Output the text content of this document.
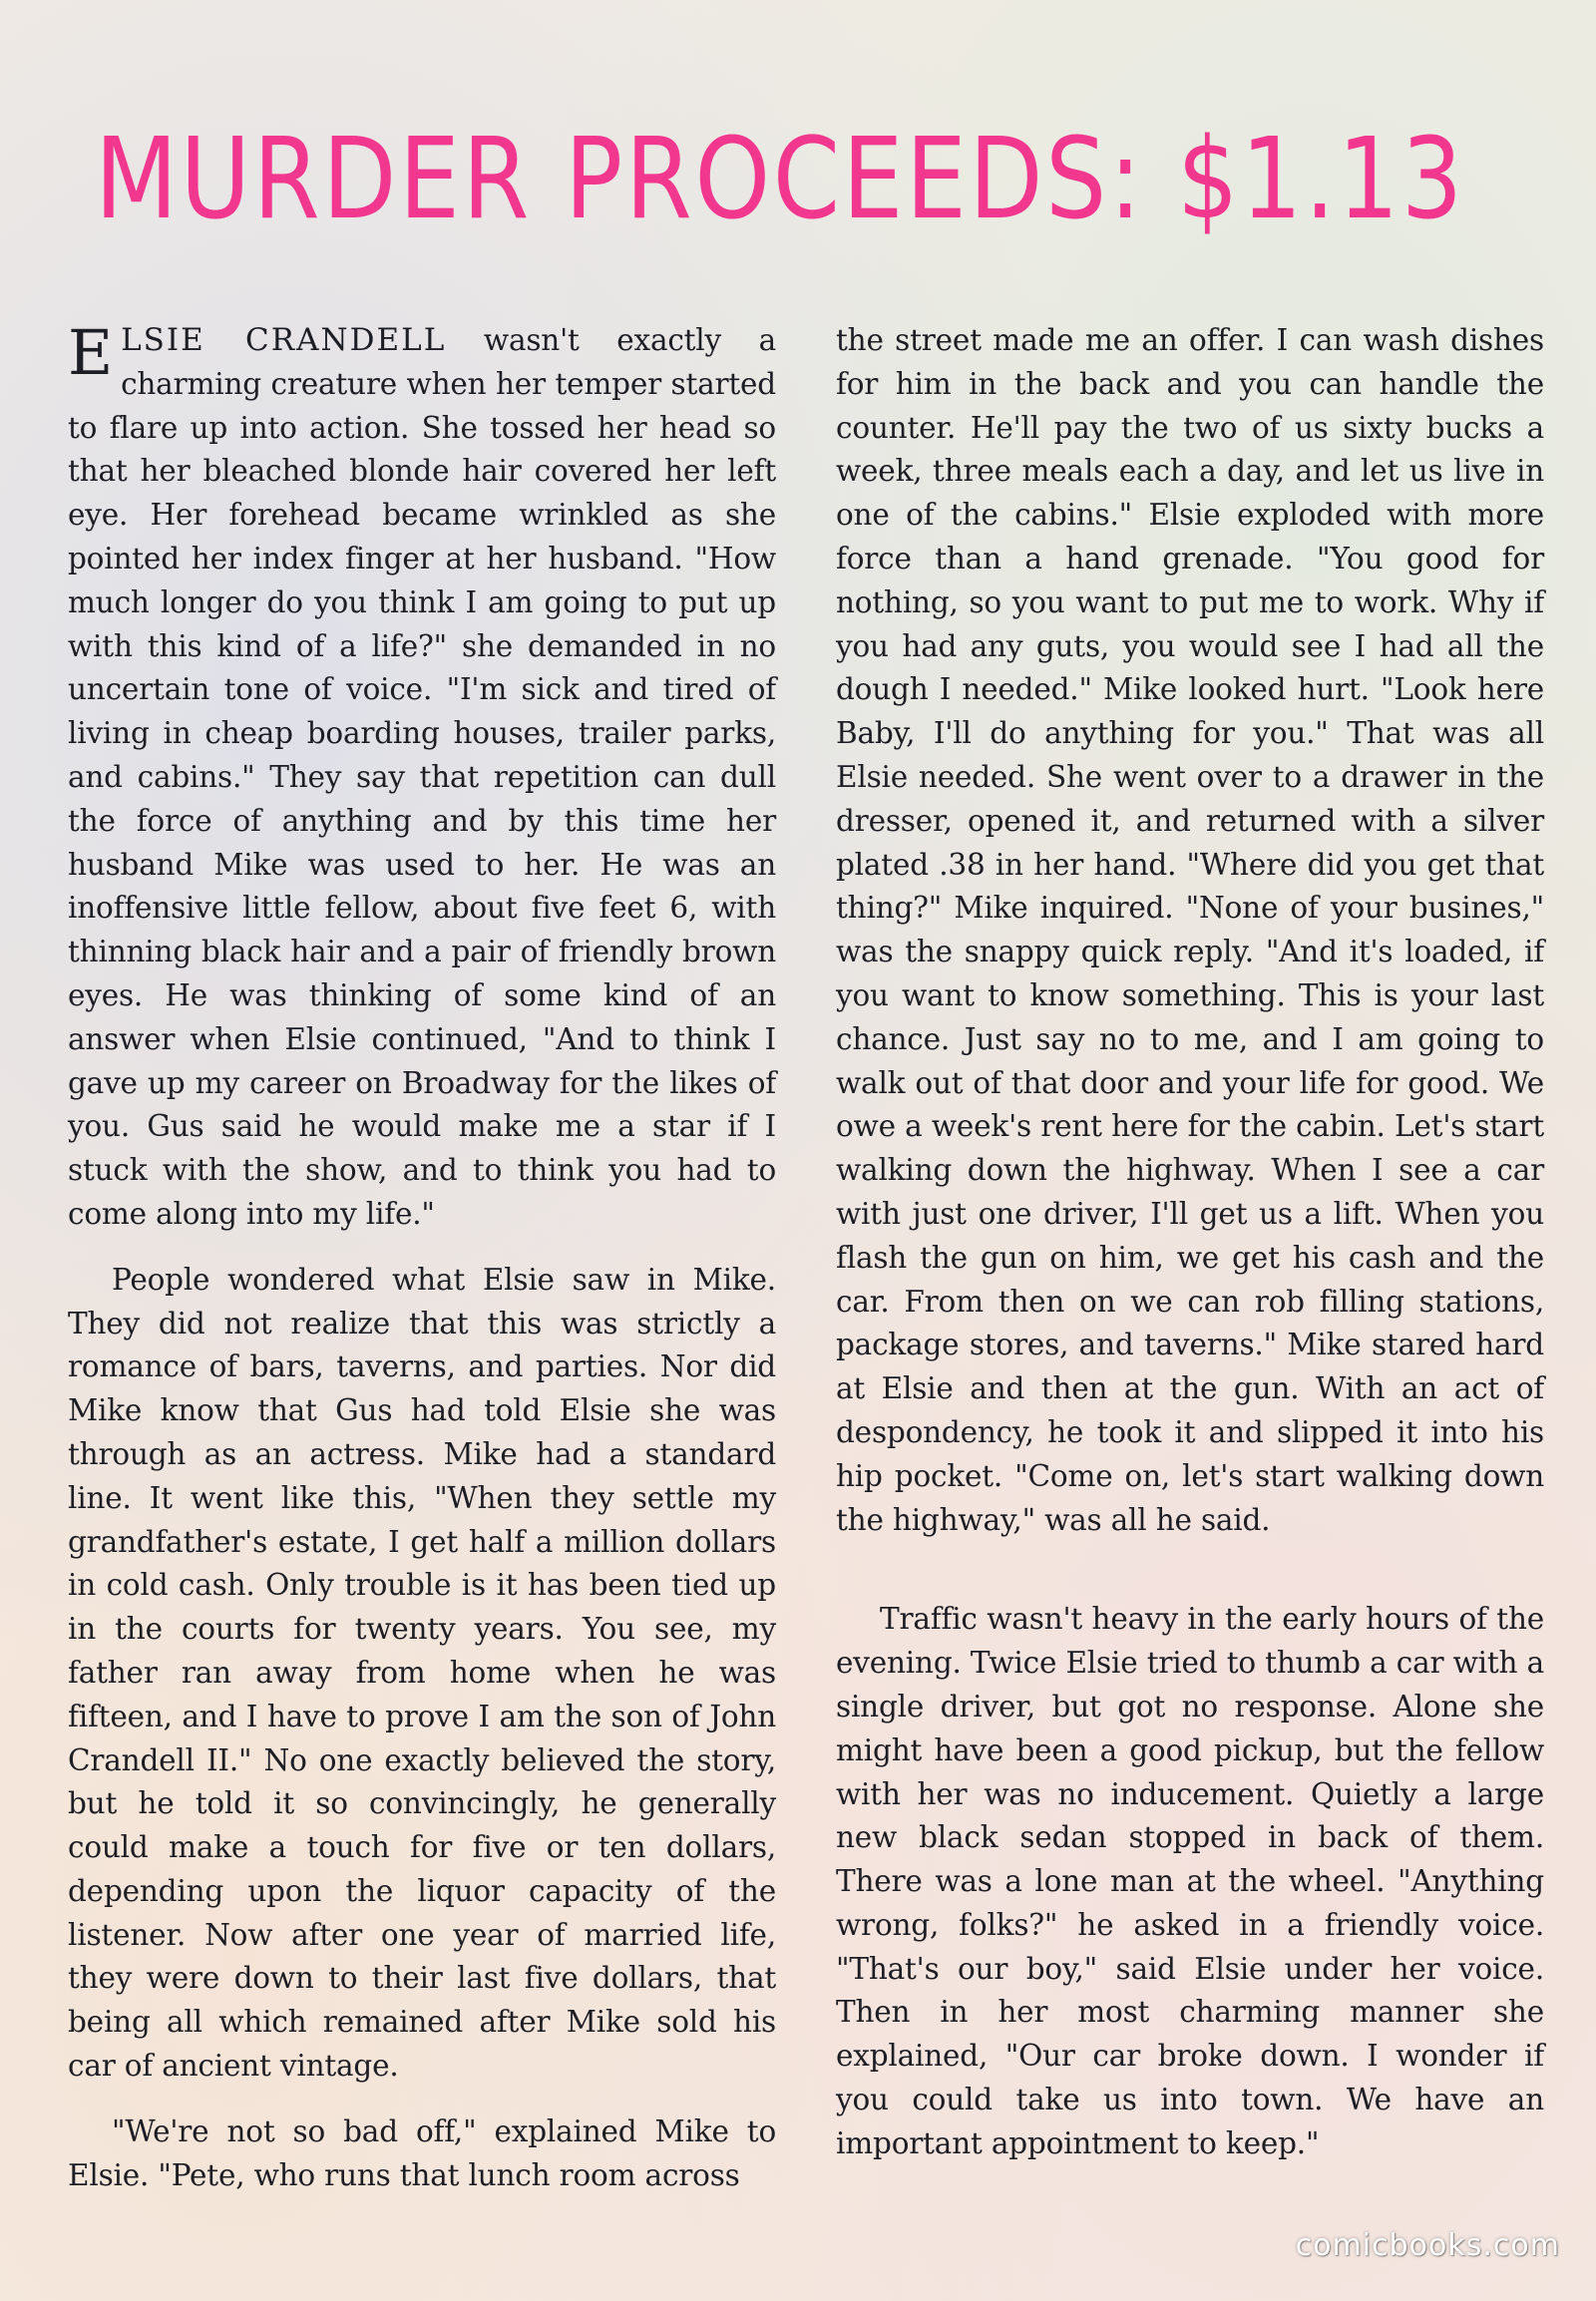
MURDER PROCEEDS: $1.13

ELSIE CRANDELL wasn't exactly a charming creature when her temper started to flare up into action. She tossed her head so that her bleached blonde hair covered her left eye. Her forehead became wrinkled as she pointed her index finger at her husband. "How much longer do you think I am going to put up with this kind of a life?" she demanded in no uncertain tone of voice. "I'm sick and tired of living in cheap boarding houses, trailer parks, and cabins." They say that repetition can dull the force of anything and by this time her husband Mike was used to her. He was an inoffensive little fellow, about five feet 6, with thinning black hair and a pair of friendly brown eyes. He was thinking of some kind of an answer when Elsie continued, "And to think I gave up my career on Broadway for the likes of you. Gus said he would make me a star if I stuck with the show, and to think you had to come along into my life."

People wondered what Elsie saw in Mike. They did not realize that this was strictly a romance of bars, taverns, and parties. Nor did Mike know that Gus had told Elsie she was through as an actress. Mike had a standard line. It went like this, "When they settle my grandfather's estate, I get half a million dollars in cold cash. Only trouble is it has been tied up in the courts for twenty years. You see, my father ran away from home when he was fifteen, and I have to prove I am the son of John Crandell II." No one exactly believed the story, but he told it so convincingly, he generally could make a touch for five or ten dollars, depending upon the liquor capacity of the listener. Now after one year of married life, they were down to their last five dollars, that being all which remained after Mike sold his car of ancient vintage.

"We're not so bad off," explained Mike to Elsie. "Pete, who runs that lunch room across

the street made me an offer. I can wash dishes for him in the back and you can handle the counter. He'll pay the two of us sixty bucks a week, three meals each a day, and let us live in one of the cabins." Elsie exploded with more force than a hand grenade. "You good for nothing, so you want to put me to work. Why if you had any guts, you would see I had all the dough I needed." Mike looked hurt. "Look here Baby, I'll do anything for you." That was all Elsie needed. She went over to a drawer in the dresser, opened it, and returned with a silver plated .38 in her hand. "Where did you get that thing?" Mike inquired. "None of your busines," was the snappy quick reply. "And it's loaded, if you want to know something. This is your last chance. Just say no to me, and I am going to walk out of that door and your life for good. We owe a week's rent here for the cabin. Let's start walking down the highway. When I see a car with just one driver, I'll get us a lift. When you flash the gun on him, we get his cash and the car. From then on we can rob filling stations, package stores, and taverns." Mike stared hard at Elsie and then at the gun. With an act of despondency, he took it and slipped it into his hip pocket. "Come on, let's start walking down the highway," was all he said.

Traffic wasn't heavy in the early hours of the evening. Twice Elsie tried to thumb a car with a single driver, but got no response. Alone she might have been a good pickup, but the fellow with her was no inducement. Quietly a large new black sedan stopped in back of them. There was a lone man at the wheel. "Anything wrong, folks?" he asked in a friendly voice. "That's our boy," said Elsie under her voice. Then in her most charming manner she explained, "Our car broke down. I wonder if you could take us into town. We have an important appointment to keep."

comicbooks.com
